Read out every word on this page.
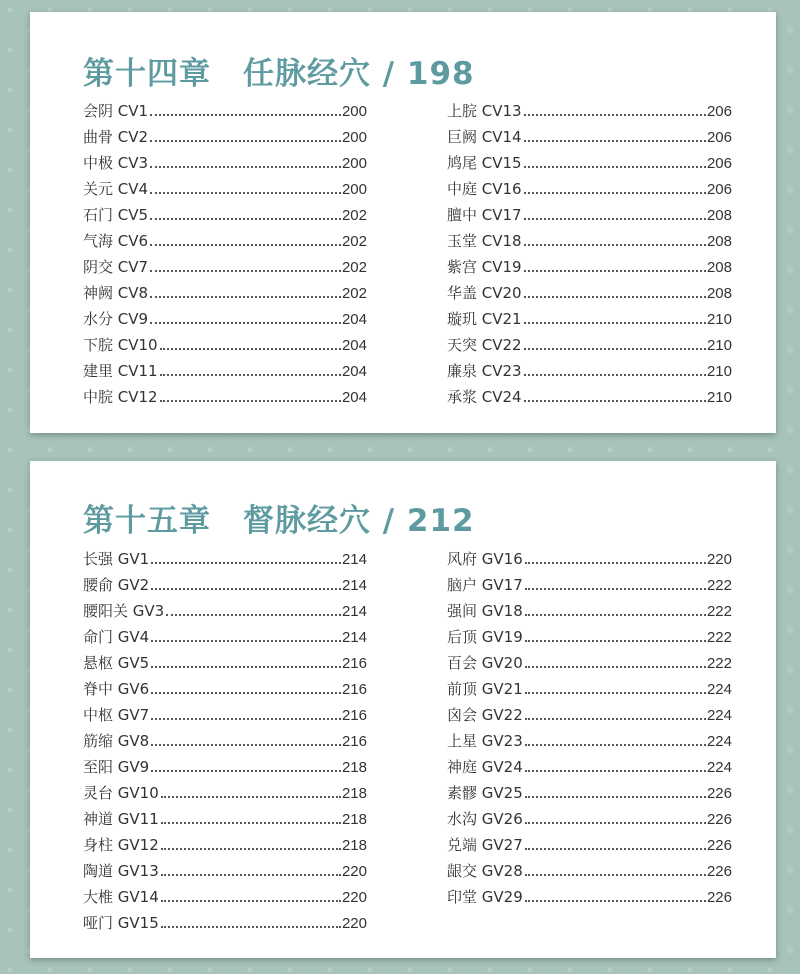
第十四章　任脉经穴 / 198
第十五章　督脉经穴 / 212
会阴 CV1	200
曲骨 CV2	200
中极 CV3	200
关元 CV4	200
石门 CV5	202
气海 CV6	202
阴交 CV7	202
神阙 CV8	202
水分 CV9	204
下脘 CV10	204
建里 CV11	204
中脘 CV12	204
上脘 CV13	206
巨阙 CV14	206
鸠尾 CV15	206
中庭 CV16	206
膻中 CV17	208
玉堂 CV18	208
紫宫 CV19	208
华盖 CV20	208
璇玑 CV21	210
天突 CV22	210
廉泉 CV23	210
承浆 CV24	210
长强 GV1	214
腰俞 GV2	214
腰阳关 GV3	214
命门 GV4	214
悬枢 GV5	216
脊中 GV6	216
中枢 GV7	216
筋缩 GV8	216
至阳 GV9	218
灵台 GV10	218
神道 GV11	218
身柱 GV12	218
陶道 GV13	220
大椎 GV14	220
哑门 GV15	220
风府 GV16	220
脑户 GV17	222
强间 GV18	222
后顶 GV19	222
百会 GV20	222
前顶 GV21	224
囟会 GV22	224
上星 GV23	224
神庭 GV24	224
素髎 GV25	226
水沟 GV26	226
兑端 GV27	226
龈交 GV28	226
印堂 GV29	226
